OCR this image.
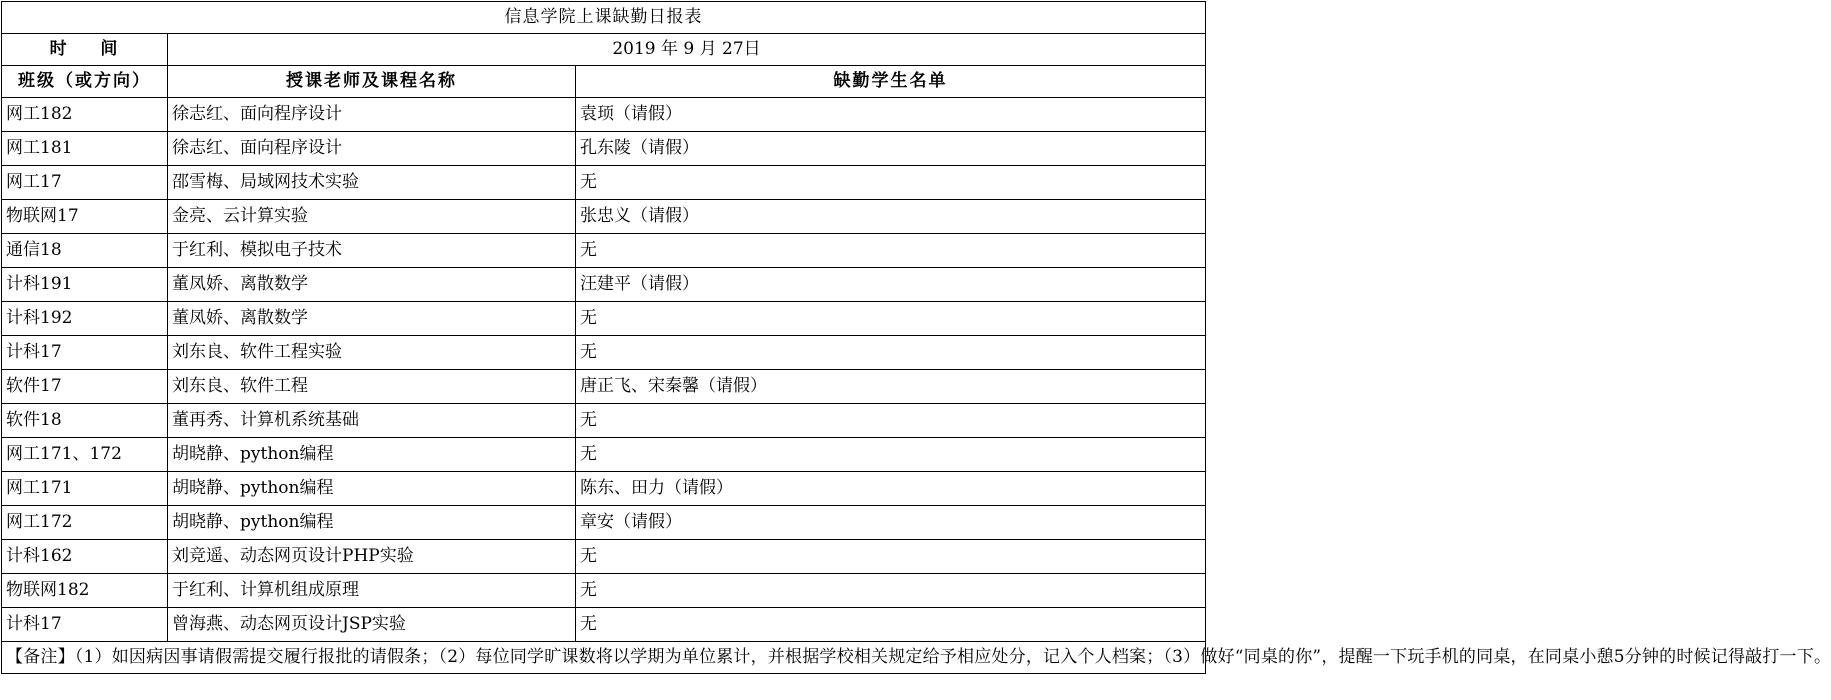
信息学院上课缺勤日报表		
时    间	2019 年 9 月 27日	
班级（或方向）	授课老师及课程名称	缺勤学生名单
网工182	徐志红、面向程序设计	袁顼（请假）
网工181	徐志红、面向程序设计	孔东陵（请假）
网工17	邵雪梅、局域网技术实验	无
物联网17	金亮、云计算实验	张忠义（请假）
通信18	于红利、模拟电子技术	无
计科191	董凤娇、离散数学	汪建平（请假）
计科192	董凤娇、离散数学	无
计科17	刘东良、软件工程实验	无
软件17	刘东良、软件工程	唐正飞、宋秦馨（请假）
软件18	董再秀、计算机系统基础	无
网工171、172	胡晓静、python编程	无
网工171	胡晓静、python编程	陈东、田力（请假）
网工172	胡晓静、python编程	章安（请假）
计科162	刘竞遥、动态网页设计PHP实验	无
物联网182	于红利、计算机组成原理	无
计科17	曾海燕、动态网页设计JSP实验	无
【备注】（1）如因病因事请假需提交履行报批的请假条；（2）每位同学旷课数将以学期为单位累计，并根据学校相关规定给予相应处分，记入个人档案；（3）做好“同桌的你”，提醒一下玩手机的同桌，在同桌小憩5分钟的时候记得敲打一下。		
